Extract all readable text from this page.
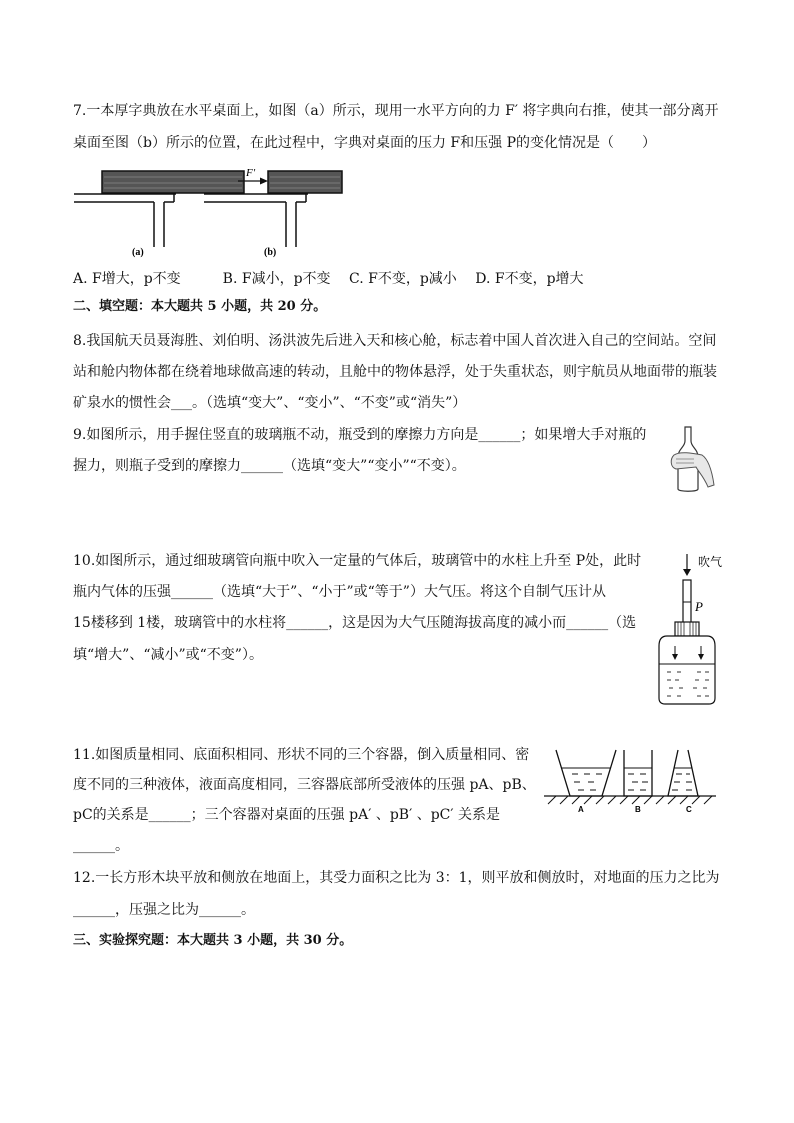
7.一本厚字典放在水平桌面上，如图（a）所示，现用一水平方向的力 F′ 将字典向右推，使其一部分离开
桌面至图（b）所示的位置，在此过程中，字典对桌面的压力 F和压强 P的变化情况是（　　）
(a)
F′
(b)
A. F增大，p不变　　　B. F减小，p不变　 C. F不变，p减小　 D. F不变，p增大
二、填空题：本大题共 5 小题，共 20 分。
8.我国航天员聂海胜、刘伯明、汤洪波先后进入天和核心舱，标志着中国人首次进入自己的空间站。空间
站和舱内物体都在绕着地球做高速的转动，且舱中的物体悬浮，处于失重状态，则宇航员从地面带的瓶装
矿泉水的惯性会___。（选填“变大”、“变小”、“不变”或“消失”）
9.如图所示，用手握住竖直的玻璃瓶不动，瓶受到的摩擦力方向是______；如果增大手对瓶的
握力，则瓶子受到的摩擦力______（选填“变大”“变小”“不变）。
10.如图所示，通过细玻璃管向瓶中吹入一定量的气体后，玻璃管中的水柱上升至 P处，此时
瓶内气体的压强______（选填“大于”、“小于”或“等于”）大气压。将这个自制气压计从
15楼移到 1楼，玻璃管中的水柱将______，这是因为大气压随海拔高度的减小而______（选
填“增大”、“减小”或“不变”）。
吹气
P
11.如图质量相同、底面积相同、形状不同的三个容器，倒入质量相同、密
度不同的三种液体，液面高度相同，三容器底部所受液体的压强 pA、pB、
pC的关系是______；三个容器对桌面的压强 pA′ 、pB′ 、pC′ 关系是
______。
A	B	C
12.一长方形木块平放和侧放在地面上，其受力面积之比为 3：1，则平放和侧放时，对地面的压力之比为
______，压强之比为______。
三、实验探究题：本大题共 3 小题，共 30 分。
